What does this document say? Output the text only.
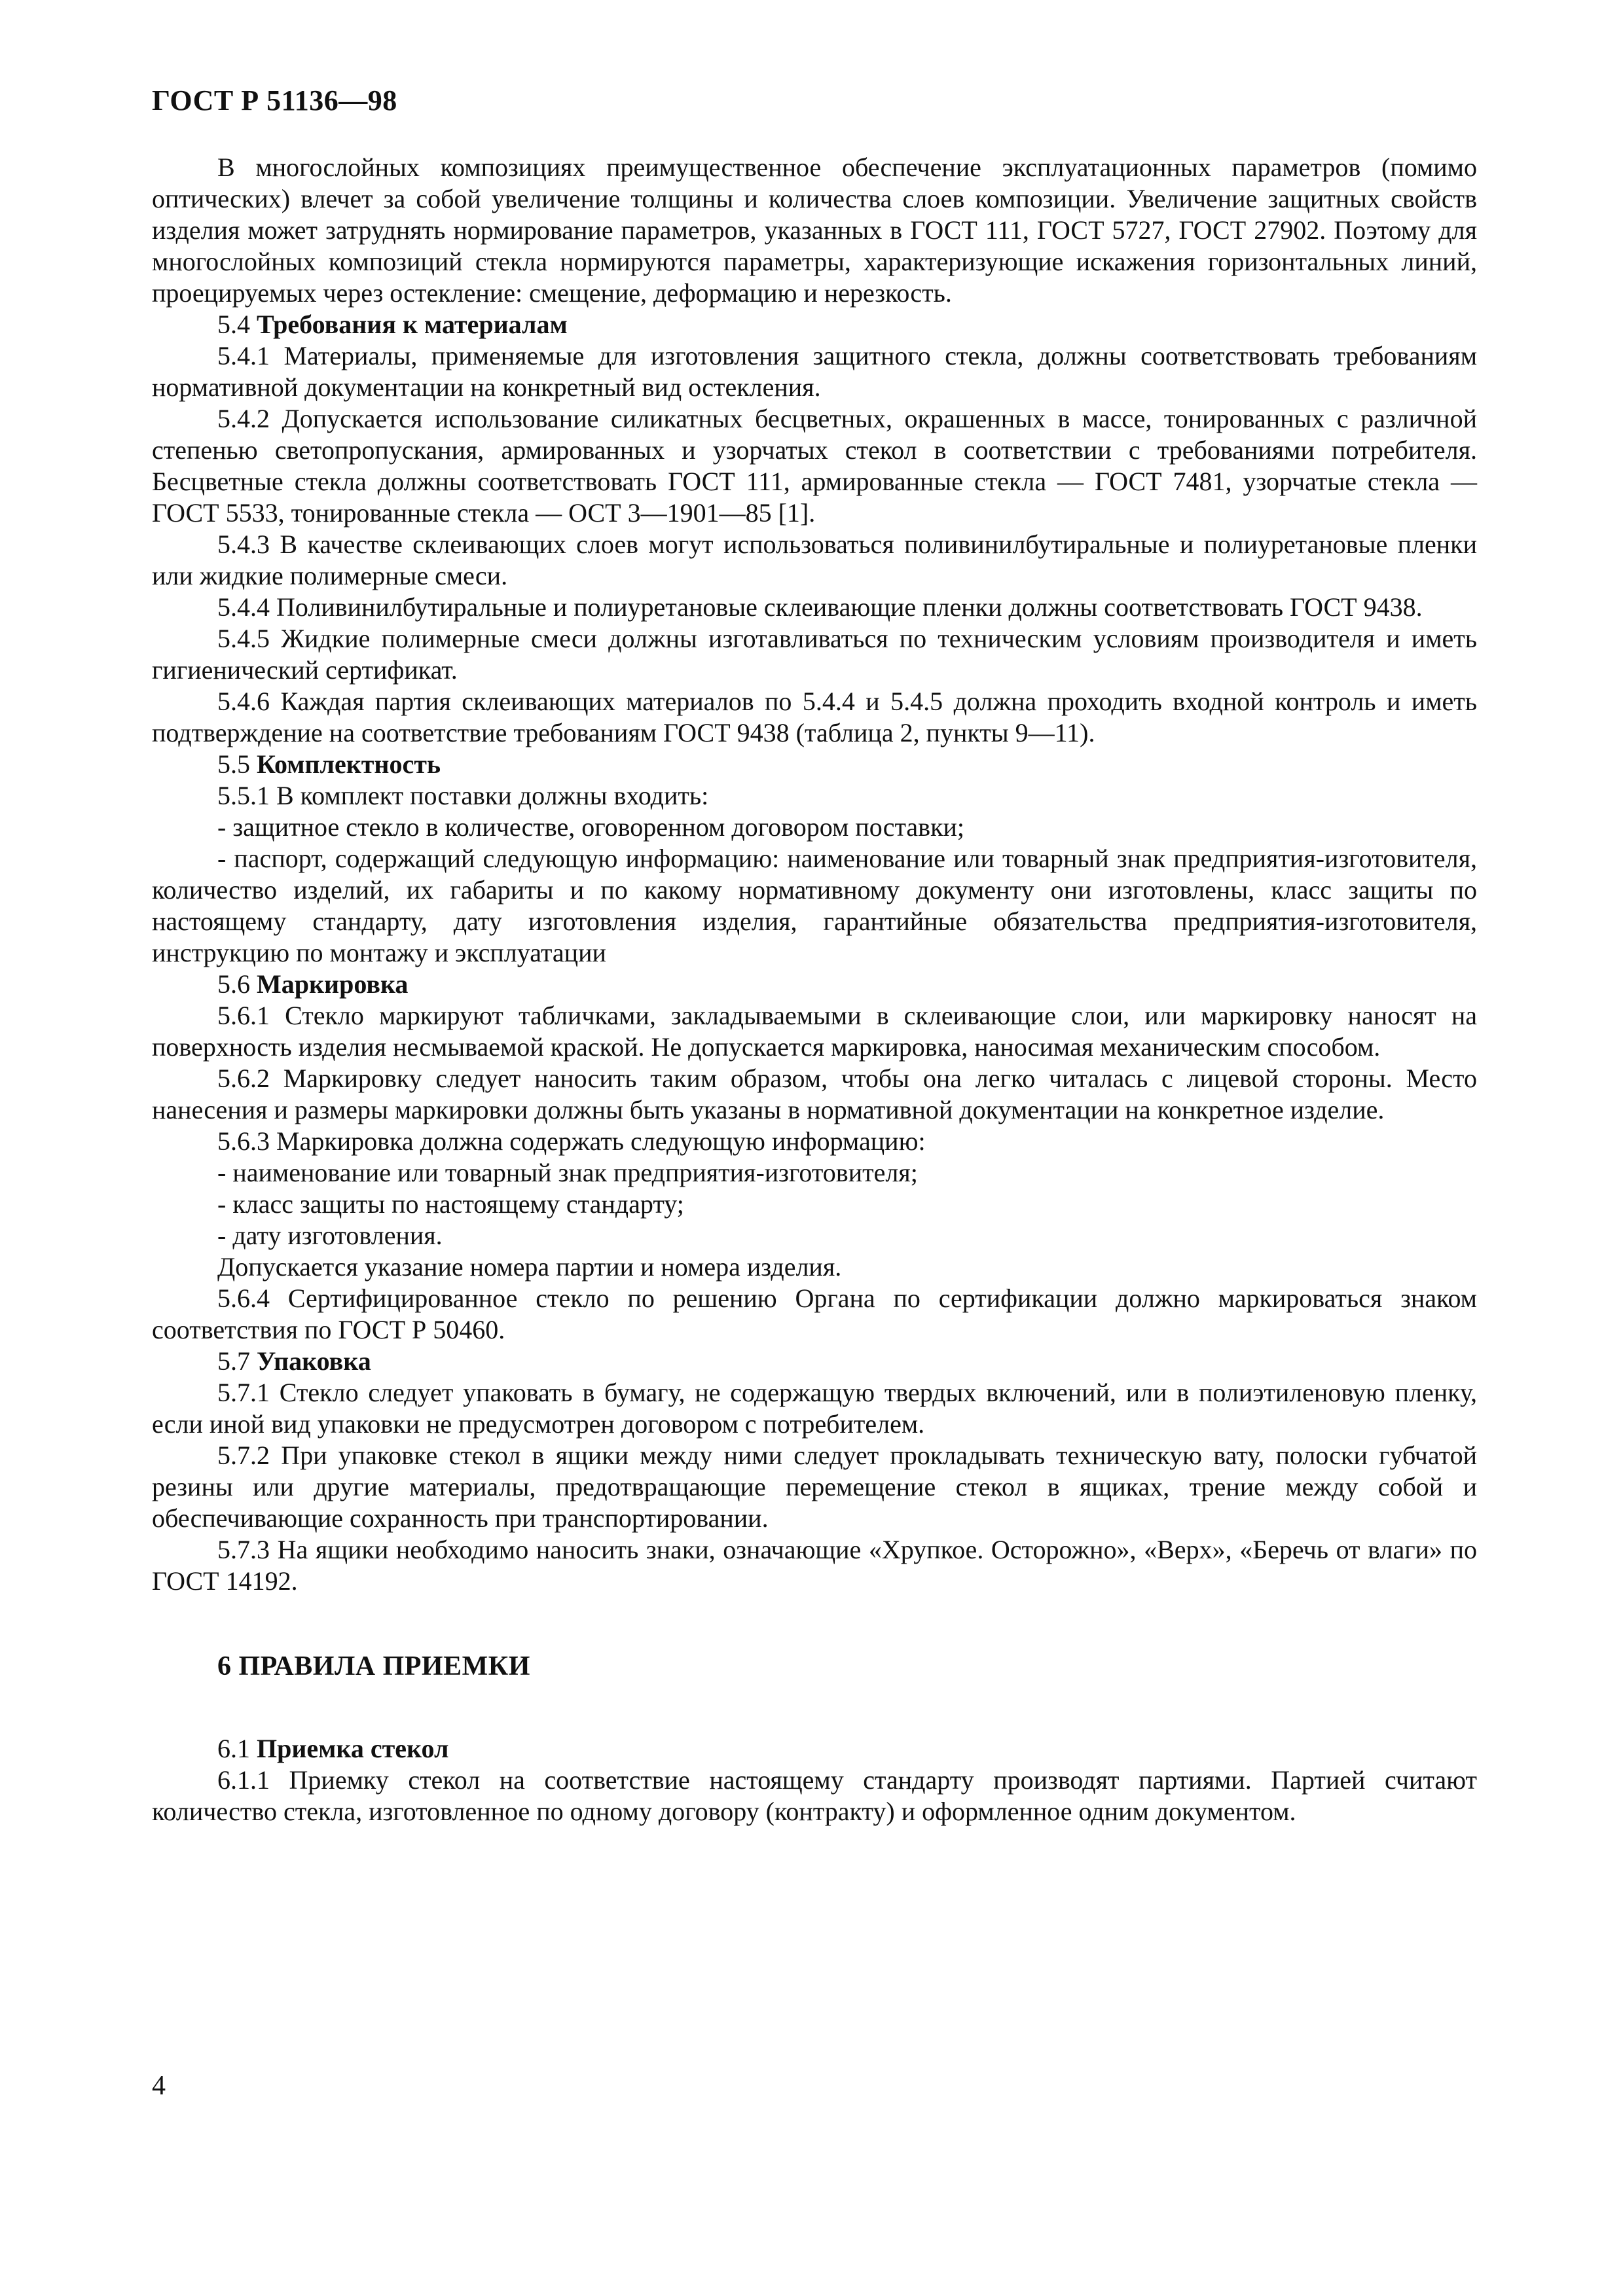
ГОСТ Р 51136—98

В многослойных композициях преимущественное обеспечение эксплуатационных параметров (помимо оптических) влечет за собой увеличение толщины и количества слоев композиции. Увеличение защитных свойств изделия может затруднять нормирование параметров, указанных в ГОСТ 111, ГОСТ 5727, ГОСТ 27902. Поэтому для многослойных композиций стекла нормируются параметры, характеризующие искажения горизонтальных линий, проецируемых через остекление: смещение, деформацию и нерезкость.

5.4 Требования к материалам

5.4.1 Материалы, применяемые для изготовления защитного стекла, должны соответствовать требованиям нормативной документации на конкретный вид остекления.

5.4.2 Допускается использование силикатных бесцветных, окрашенных в массе, тонированных с различной степенью светопропускания, армированных и узорчатых стекол в соответствии с требованиями потребителя. Бесцветные стекла должны соответствовать ГОСТ 111, армированные стекла — ГОСТ 7481, узорчатые стекла — ГОСТ 5533, тонированные стекла — ОСТ 3—1901—85 [1].

5.4.3 В качестве склеивающих слоев могут использоваться поливинилбутиральные и полиуретановые пленки или жидкие полимерные смеси.

5.4.4 Поливинилбутиральные и полиуретановые склеивающие пленки должны соответствовать ГОСТ 9438.

5.4.5 Жидкие полимерные смеси должны изготавливаться по техническим условиям производителя и иметь гигиенический сертификат.

5.4.6 Каждая партия склеивающих материалов по 5.4.4 и 5.4.5 должна проходить входной контроль и иметь подтверждение на соответствие требованиям ГОСТ 9438 (таблица 2, пункты 9—11).

5.5 Комплектность

5.5.1 В комплект поставки должны входить:

- защитное стекло в количестве, оговоренном договором поставки;

- паспорт, содержащий следующую информацию: наименование или товарный знак предприятия-изготовителя, количество изделий, их габариты и по какому нормативному документу они изготовлены, класс защиты по настоящему стандарту, дату изготовления изделия, гарантийные обязательства предприятия-изготовителя, инструкцию по монтажу и эксплуатации

5.6 Маркировка

5.6.1 Стекло маркируют табличками, закладываемыми в склеивающие слои, или маркировку наносят на поверхность изделия несмываемой краской. Не допускается маркировка, наносимая механическим способом.

5.6.2 Маркировку следует наносить таким образом, чтобы она легко читалась с лицевой стороны. Место нанесения и размеры маркировки должны быть указаны в нормативной документации на конкретное изделие.

5.6.3 Маркировка должна содержать следующую информацию:

- наименование или товарный знак предприятия-изготовителя;

- класс защиты по настоящему стандарту;

- дату изготовления.

Допускается указание номера партии и номера изделия.

5.6.4 Сертифицированное стекло по решению Органа по сертификации должно маркироваться знаком соответствия по ГОСТ Р 50460.

5.7 Упаковка

5.7.1 Стекло следует упаковать в бумагу, не содержащую твердых включений, или в полиэтиленовую пленку, если иной вид упаковки не предусмотрен договором с потребителем.

5.7.2 При упаковке стекол в ящики между ними следует прокладывать техническую вату, полоски губчатой резины или другие материалы, предотвращающие перемещение стекол в ящиках, трение между собой и обеспечивающие сохранность при транспортировании.

5.7.3 На ящики необходимо наносить знаки, означающие «Хрупкое. Осторожно», «Верх», «Беречь от влаги» по ГОСТ 14192.

6 ПРАВИЛА ПРИЕМКИ

6.1 Приемка стекол

6.1.1 Приемку стекол на соответствие настоящему стандарту производят партиями. Партией считают количество стекла, изготовленное по одному договору (контракту) и оформленное одним документом.

4
